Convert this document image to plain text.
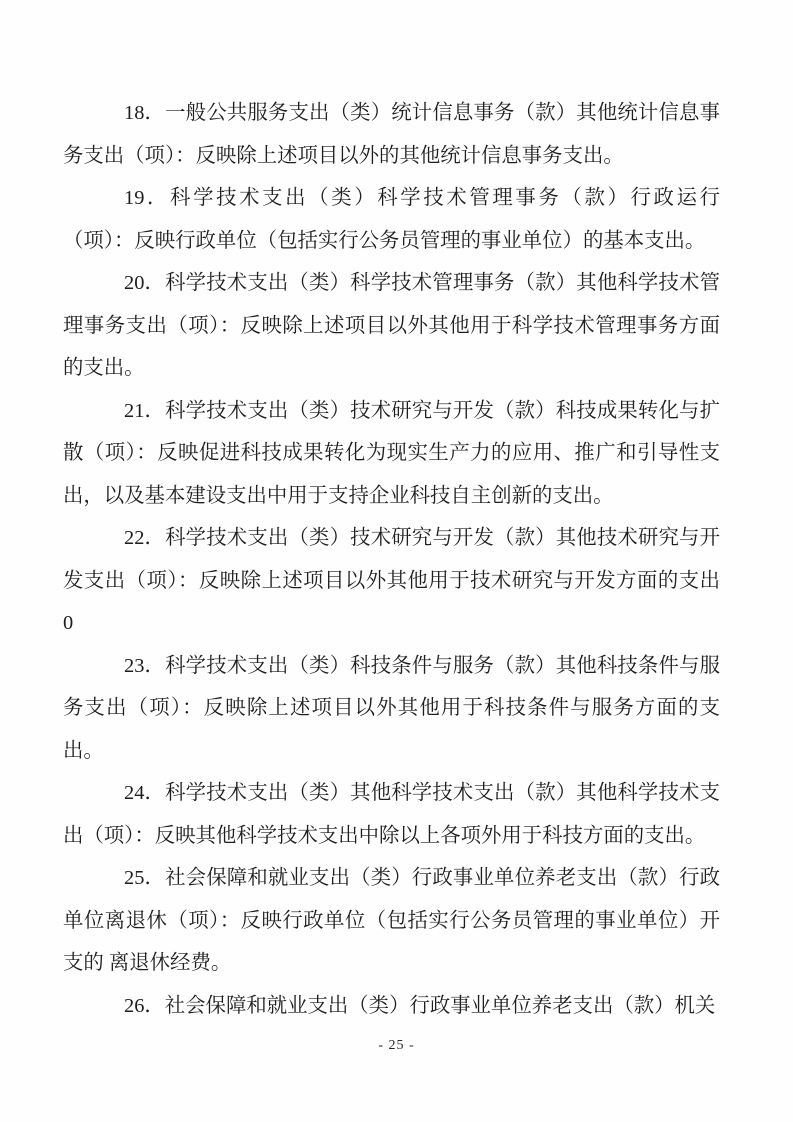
18．一般公共服务支出（类）统计信息事务（款）其他统计信息事务支出（项）：反映除上述项目以外的其他统计信息事务支出。

19．科学技术支出（类）科学技术管理事务（款）行政运行（项）：反映行政单位（包括实行公务员管理的事业单位）的基本支出。

20．科学技术支出（类）科学技术管理事务（款）其他科学技术管理事务支出（项）：反映除上述项目以外其他用于科学技术管理事务方面的支出。

21．科学技术支出（类）技术研究与开发（款）科技成果转化与扩散（项）：反映促进科技成果转化为现实生产力的应用、推广和引导性支出，以及基本建设支出中用于支持企业科技自主创新的支出。

22．科学技术支出（类）技术研究与开发（款）其他技术研究与开发支出（项）：反映除上述项目以外其他用于技术研究与开发方面的支出 0

23．科学技术支出（类）科技条件与服务（款）其他科技条件与服务支出（项）：反映除上述项目以外其他用于科技条件与服务方面的支出。

24．科学技术支出（类）其他科学技术支出（款）其他科学技术支出（项）：反映其他科学技术支出中除以上各项外用于科技方面的支出。

25．社会保障和就业支出（类）行政事业单位养老支出（款）行政单位离退休（项）：反映行政单位（包括实行公务员管理的事业单位）开支的 离退休经费。

26．社会保障和就业支出（类）行政事业单位养老支出（款）机关

- 25 -
